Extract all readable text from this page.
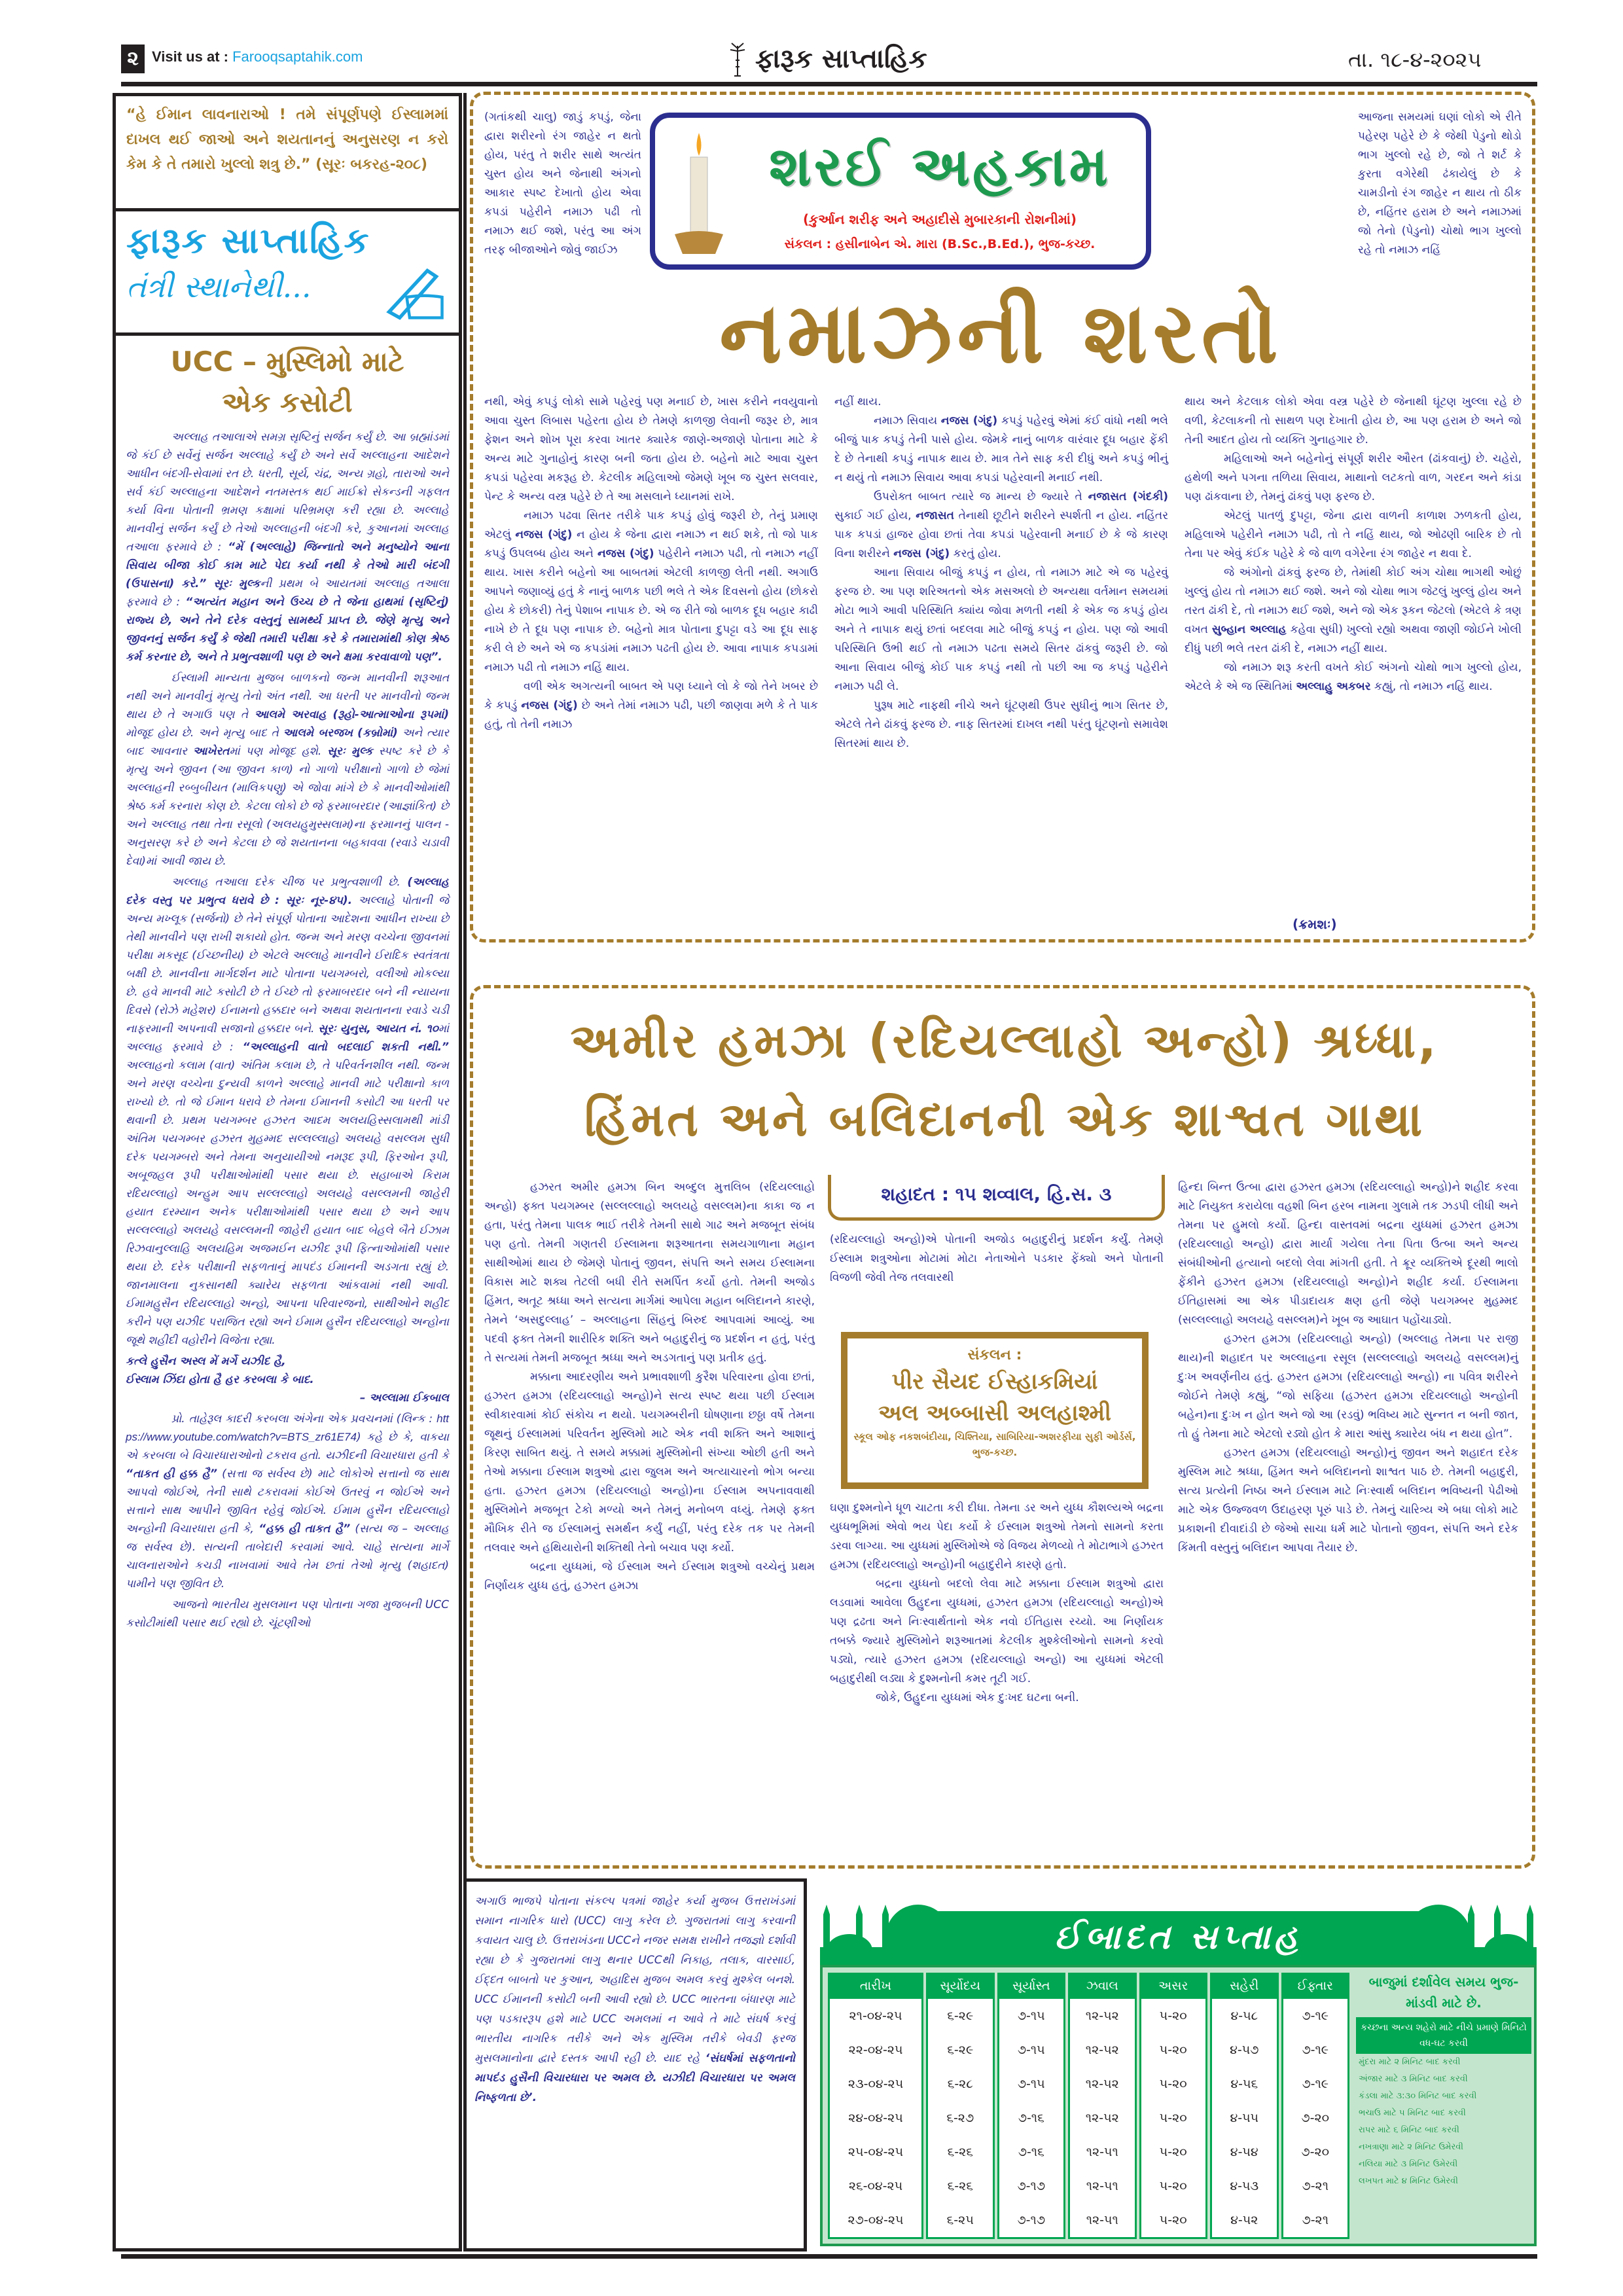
૨ Visit us at : Farooqsaptahik.com	ફારૂક સાપ્તાહિક	તા. ૧૮-૪-૨૦૨૫
“હે ઈમાન લાવનારાઓ ! તમે સંપૂર્ણપણે ઈસ્લામમાં દાખલ થઈ જાઓ અને શયતાનનું અનુસરણ ન કરો કેમ કે તે તમારો ખુલ્લો શત્રુ છે.” (સૂરઃ બકરહ-૨૦૮)
ફારૂક સાપ્તાહિક
તંત્રી સ્થાનેથી...
UCC – મુસ્લિમો માટે
એક કસોટી
અલ્લાહ તઆલાએ સમગ્ર સૃષ્ટિનું સર્જન કર્યું છે. આ બ્રહ્માંડમાં જે કંઈ છે સર્વેનું સર્જન અલ્લાહે કર્યું છે અને સર્વે અલ્લાહના આદેશને આધીન બંદગી-સેવામાં રત છે. ધરતી, સૂર્ય, ચંદ્ર, અન્ય ગ્રહો, તારાઓ અને સર્વ કંઈ અલ્લાહના આદેશને નતમસ્તક થઈ માઈક્રો સેકન્ડની ગફલત કર્યા વિના પોતાની ભ્રમણ કક્ષામાં પરિભ્રમણ કરી રહ્યા છે. અલ્લાહે માનવીનું સર્જન કર્યું છે તેઓ અલ્લાહની બંદગી કરે, કુઆનમાં અલ્લાહ તઆલા ફરમાવે છે : “મેં (અલ્લાહે) જિન્નાતો અને મનુષ્યોને આના સિવાય બીજા કોઈ કામ માટે પેદા કર્યા નથી કે તેઓ મારી બંદગી (ઉપાસના) કરે.” સૂરઃ મુલ્કની પ્રથમ બે આયતમાં અલ્લાહ તઆલા ફરમાવે છે : “અત્યંત મહાન અને ઉચ્ચ છે તે જેના હાથમાં (સૃષ્ટિનું) રાજ્ય છે, અને તેને દરેક વસ્તુનું સામર્થ્ય પ્રાપ્ત છે. જેણે મૃત્યુ અને જીવનનું સર્જન કર્યું કે જેથી તમારી પરીક્ષા કરે કે તમારામાંથી કોણ શ્રેષ્ઠ કર્મ કરનાર છે, અને તે પ્રભુત્વશાળી પણ છે અને ક્ષમા કરવાવાળો પણ”.
ઈસ્લામી માન્યતા મુજબ બાળકનો જન્મ માનવીની શરૂઆત નથી અને માનવીનું મૃત્યુ તેનો અંત નથી. આ ધરતી પર માનવીનો જન્મ થાય છે તે અગાઉ પણ તે આલમે અરવાહ (રૂહો-આત્માઓના રૂપમાં) મોજૂદ હોય છે. અને મૃત્યુ બાદ તે આલમે બરજખ (કબ્રોમાં) અને ત્યાર બાદ આવનાર આખેરતમાં પણ મોજૂદ હશે. સૂરઃ મુલ્ક સ્પષ્ટ કરે છે કે મૃત્યુ અને જીવન (આ જીવન કાળ) નો ગાળો પરીક્ષાનો ગાળો છે જેમાં અલ્લાહની રબ્બુબીયત (માલિકપણુ) એ જોવા માંગે છે કે માનવીઓમાંથી શ્રેષ્ઠ કર્મ કરનારા કોણ છે. કેટલા લોકો છે જે ફરમાબરદાર (આજ્ઞાંકિત) છે અને અલ્લાહ તથા તેના રસૂલો (અલયહુમુસ્સલામ)ના ફરમાનનું પાલન - અનુસરણ કરે છે અને કેટલા છે જે શયતાનના બહકાવવા (રવાડે ચડાવી દેવા)માં આવી જાય છે.
અલ્લાહ તઆલા દરેક ચીજ પર પ્રભુત્વશાળી છે. (અલ્લાહ દરેક વસ્તુ પર પ્રભુત્વ ધરાવે છે : સૂરઃ નૂર-૪૫). અલ્લાહે પોતાની જે અન્ય મખ્લૂક (સર્જનો) છે તેને સંપૂર્ણ પોતાના આદેશના આધીન રાખ્યા છે તેથી માનવીને પણ રાખી શકાયો હોત. જન્મ અને મરણ વચ્ચેના જીવનમાં પરીક્ષા મકસૂદ (ઈચ્છનીય) છે એટલે અલ્લાહે માનવીને ઈરાદિક સ્વતંત્રતા બક્ષી છે. માનવીના માર્ગદર્શન માટે પોતાના પયગમ્બરો, વલીઓ મોકલ્યા છે. હવે માનવી માટે કસોટી છે તે ઈચ્છે તો ફરમાબરદાર બને ની ન્યાયના દિવસે (રોઝે મહેશર) ઈનામનો હક્કદાર બને અથવા શયતાનના રવાડે ચડી નાફરમાની અપનાવી સજાનો હક્કદાર બને. સૂરઃ યુનુસ, આયત નં. ૧૦માં અલ્લાહ ફરમાવે છે : “અલ્લાહની વાતો બદલાઈ શકતી નથી.” અલ્લાહનો કલામ (વાત) અંતિમ કલામ છે, તે પરિવર્તનશીલ નથી. જન્મ અને મરણ વચ્ચેના દુન્યવી કાળને અલ્લાહે માનવી માટે પરીક્ષાનો કાળ રાખ્યો છે. તો જે ઈમાન ધરાવે છે તેમના ઈમાનની કસોટી આ ધરતી પર થવાની છે. પ્રથમ પયગમ્બર હઝરત આદમ અલયહિસ્સલામથી માંડી અંતિમ પયગમ્બર હઝરત મુહમ્મદ સલ્લલ્લાહો અલયહે વસલ્લમ સુધી દરેક પયગમ્બરો અને તેમના અનુયાયીઓ નમરૂદ રૂપી, ફિરઓન રૂપી, અબૂજહલ રૂપી પરીક્ષાઓમાંથી પસાર થયા છે. સહાબાએ કિરામ રદિયલ્લાહો અન્હુમ આપ સલ્લલ્લાહો અલયહે વસલ્લમની જાહેરી હયાત દરમ્યાન અનેક પરીક્ષાઓમાંથી પસાર થયા છે અને આપ સલ્લલ્લાહો અલયહે વસલ્લમની જાહેરી હયાત બાદ બેહલે બૈતે ઈઝામ રિઝવાનુલ્લાહિ અલયહિમ અજમઈન યઝીદ રૂપી ફિત્નાઓમાંથી પસાર થયા છે. દરેક પરીક્ષાની સફળતાનું માપદંડ ઈમાનની અડગતા રહ્યું છે. જાનમાલના નુકસાનથી ક્યારેય સફળતા આંકવામાં નથી આવી. ઈમામહુસૈન રદિયલ્લાહો અન્હો, આપના પરિવારજનો, સાથીઓને શહીદ કરીને પણ યઝીદ પરાજિત રહ્યો અને ઈમામ હુસૈન રદિયલ્લાહો અન્હોના જૂથે શહીદી વહોરીને વિજેતા રહ્યા.
કત્લે હુસૈન અસ્લ મેં મર્ગે યઝીદ હૈ,
ઈસ્લામ ઝિંદા હોતા હૈ હર કરબલા કે બાદ.
– અલ્લામા ઈકબાલ
પ્રો. તાહેરૂલ કાદરી કરબલા અંગેના એક પ્રવચનમાં (લિન્ક : https://www.youtube.com/watch?v=BTS_zr61E74) કહે છે કે, વાકયા એ કરબલા બે વિચારધારાઓનો ટકરાવ હતો. યઝીદની વિચારધારા હતી કે “તાકત હી હક્ક હૈ” (સત્તા જ સર્વસ્વ છે) માટે લોકોએ સત્તાનો જ સાથ આપવો જોઈએ, તેની સાથે ટકરાવમાં કોઈએ ઉતરવું ન જોઈએ અને સત્તાને સાથ આપીને જીવિત રહેવું જોઈએ. ઈમામ હુસૈન રદિયલ્લાહો અન્હોની વિચારધારા હતી કે, “હક્ક હી તાકત હૈ” (સત્ય જ – અલ્લાહ જ સર્વસ્વ છે). સત્યની તાબેદારી કરવામાં આવે. ચાહે સત્યના માર્ગે ચાલનારાઓને કચડી નાખવામાં આવે તેમ છતાં તેઓ મૃત્યુ (શહાદત) પામીને પણ જીવિત છે.
આજનો ભારતીય મુસલમાન પણ પોતાના ગજા મુજબની UCC કસોટીમાંથી પસાર થઈ રહ્યો છે. ચૂંટણીઓ
શરઈ અહકામ
(કુર્આન શરીફ અને અહાદીસે મુબારકાની રોશનીમાં)
સંકલન : હસીનાબેન એ. મારા (B.Sc.,B.Ed.), ભુજ-કચ્છ.
નમાઝની શરતો
(ગતાંકથી ચાલુ) જાડું કપડું, જેના દ્વારા શરીરનો રંગ જાહેર ન થતો હોય, પરંતુ તે શરીર સાથે અત્યંત ચુસ્ત હોય અને જેનાથી અંગનો આકાર સ્પષ્ટ દેખાતો હોય એવા કપડાં પહેરીને નમાઝ પઢી તો નમાઝ થઈ જશે, પરંતુ આ અંગ તરફ બીજાઓને જોવું જાઈઝ
આજના સમયમાં ઘણાં લોકો એ રીતે પહેરણ પહેરે છે કે જેથી પેડુનો થોડો ભાગ ખુલ્લો રહે છે, જો તે શર્ટ કે કુરતા વગેરેથી ઢંકાયેલું છે કે ચામડીનો રંગ જાહેર ન થાય તો ઠીક છે, નહિંતર હરામ છે અને નમાઝમાં જો તેનો (પેડુનો) ચોથો ભાગ ખુલ્લો રહે તો નમાઝ નહિં

નથી, એવું કપડું લોકો સામે પહેરવું પણ મનાઈ છે, ખાસ કરીને નવયુવાનો આવા ચુસ્ત લિબાસ પહેરતા હોય છે તેમણે કાળજી લેવાની જરૂર છે, માત્ર ફેશન અને શોખ પૂરા કરવા ખાતર ક્યારેક જાણે-અજાણે પોતાના માટે કે અન્ય માટે ગુનાહોનું કારણ બની જતા હોય છે. બહેનો માટે આવા ચુસ્ત કપડાં પહેરવા મકરૂહ છે. કેટલીક મહિલાઓ જેમણે ખૂબ જ ચુસ્ત સલવાર, પેન્ટ કે અન્ય વસ્ત્ર પહેરે છે તે આ મસલાને ધ્યાનમાં રાખે.

નમાઝ પઢવા સિતર તરીકે પાક કપડું હોવું જરૂરી છે, તેનું પ્રમાણ એટલું નજસ (ગંદુ) ન હોય કે જેના દ્વારા નમાઝ ન થઈ શકે, તો જો પાક કપડું ઉપલબ્ધ હોય અને નજસ (ગંદુ) પહેરીને નમાઝ પઢી, તો નમાઝ નહીં થાય. ખાસ કરીને બહેનો આ બાબતમાં એટલી કાળજી લેતી નથી. અગાઉ આપને જણાવ્યું હતું કે નાનું બાળક પછી ભલે તે એક દિવસનો હોય (છોકરો હોય કે છોકરી) તેનું પેશાબ નાપાક છે. એ જ રીતે જો બાળક દૂધ બહાર કાઢી નાખે છે તે દૂધ પણ નાપાક છે. બહેનો માત્ર પોતાના દુપટ્ટા વડે આ દૂધ સાફ કરી લે છે અને એ જ કપડાંમાં નમાઝ પઢતી હોય છે. આવા નાપાક કપડામાં નમાઝ પઢી તો નમાઝ નહિં થાય.

વળી એક અગત્યની બાબત એ પણ ધ્યાને લો કે જો તેને ખબર છે કે કપડું નજસ (ગંદુ) છે અને તેમાં નમાઝ પઢી, પછી જાણવા મળે કે તે પાક હતું, તો તેની નમાઝ

નહીં થાય.

નમાઝ સિવાય નજસ (ગંદુ) કપડું પહેરવું એમાં કંઈ વાંધો નથી ભલે બીજું પાક કપડું તેની પાસે હોય. જેમકે નાનું બાળક વારંવાર દૂધ બહાર ફેંકી દે છે તેનાથી કપડું નાપાક થાય છે. માત્ર તેને સાફ કરી દીધું અને કપડું ભીનું ન થયું તો નમાઝ સિવાય આવા કપડાં પહેરવાની મનાઈ નથી.

ઉપરોક્ત બાબત ત્યારે જ માન્ય છે જ્યારે તે નજાસત (ગંદકી) સુકાઈ ગઈ હોય, નજાસત તેનાથી છૂટીને શરીરને સ્પર્શતી ન હોય. નહિંતર પાક કપડાં હાજર હોવા છતાં તેવા કપડાં પહેરવાની મનાઈ છે કે જે કારણ વિના શરીરને નજસ (ગંદુ) કરતું હોય.

આના સિવાય બીજું કપડું ન હોય, તો નમાઝ માટે એ જ પહેરવું ફરજ છે. આ પણ શરિઅતનો એક મસઅલો છે અન્યથા વર્તમાન સમયમાં મોટા ભાગે આવી પરિસ્થિતિ ક્યાંય જોવા મળતી નથી કે એક જ કપડું હોય અને તે નાપાક થયું છતાં બદલવા માટે બીજું કપડું ન હોય. પણ જો આવી પરિસ્થિતિ ઉભી થઈ તો નમાઝ પઢતા સમયે સિતર ઢાંકવું જરૂરી છે. જો આના સિવાય બીજું કોઈ પાક કપડું નથી તો પછી આ જ કપડું પહેરીને નમાઝ પઢી લે.

પુરૂષ માટે નાફથી નીચે અને ઘૂંટણથી ઉપર સુધીનું ભાગ સિતર છે, એટલે તેને ઢાંકવું ફરજ છે. નાફ સિતરમાં દાખલ નથી પરંતુ ઘૂંટણનો સમાવેશ સિતરમાં થાય છે.

થાય અને કેટલાક લોકો એવા વસ્ત્ર પહેરે છે જેનાથી ઘૂંટણ ખુલ્લા રહે છે વળી, કેટલાકની તો સાથળ પણ દેખાતી હોય છે, આ પણ હરામ છે અને જો તેની આદત હોય તો વ્યક્તિ ગુનાહગાર છે.

મહિલાઓ અને બહેનોનું સંપૂર્ણ શરીર ઔરત (ઢાંકવાનું) છે. ચહેરો, હથેળી અને પગના તળિયા સિવાય, માથાનો લટકતો વાળ, ગરદન અને કાંડા પણ ઢાંકવાના છે, તેમનું ઢાંકવું પણ ફરજ છે.

એટલું પાતળું દુપટ્ટા, જેના દ્વારા વાળની કાળાશ ઝળકતી હોય, મહિલાએ પહેરીને નમાઝ પઢી, તો તે નહિં થાય, જો ઓઢણી બારિક છે તો તેના પર એવું કંઈક પહેરે કે જે વાળ વગેરેના રંગ જાહેર ન થવા દે.

જે અંગોનો ઢાંકવું ફરજ છે, તેમાંથી કોઈ અંગ ચોથા ભાગથી ઓછું ખુલ્લું હોય તો નમાઝ થઈ જશે. અને જો ચોથા ભાગ જેટલું ખુલ્લું હોય અને તરત ઢાંકી દે, તો નમાઝ થઈ જશે, અને જો એક રૂકન જેટલો (એટલે કે ત્રણ વખત સુબ્હાન અલ્લાહ કહેવા સુધી) ખુલ્લો રહ્યો અથવા જાણી જોઈને ખોલી દીધું પછી ભલે તરત ઢાંકી દે, નમાઝ નહીં થાય.

જો નમાઝ શરૂ કરતી વખતે કોઈ અંગનો ચોથો ભાગ ખુલ્લો હોય, એટલે કે એ જ સ્થિતિમાં અલ્લાહુ અકબર કહ્યું, તો નમાઝ નહિં થાય.

(ક્રમશઃ)
અમીર હમઝા (રદિયલ્લાહો અન્હો) શ્રધ્ધા,
હિંમત અને બલિદાનની એક શાશ્વત ગાથા

હઝરત અમીર હમઝા બિન અબ્દુલ મુત્તલિબ (રદિયલ્લાહો અન્હો) ફક્ત પયગમ્બર (સલ્લલ્લાહો અલયહે વસલ્લમ)ના કાકા જ ન હતા, પરંતુ તેમના પાલક ભાઈ તરીકે તેમની સાથે ગાઢ અને મજબૂત સંબંધ પણ હતો. તેમની ગણતરી ઈસ્લામના શરૂઆતના સમયગાળાના મહાન સાથીઓમાં થાય છે જેમણે પોતાનું જીવન, સંપત્તિ અને સમય ઈસ્લામના વિકાસ માટે શક્ય તેટલી બધી રીતે સમર્પિત કર્યો હતો. તેમની અજોડ હિંમત, અતૂટ શ્રધ્ધા અને સત્યના માર્ગમાં આપેલા મહાન બલિદાનને કારણે, તેમને ‘અસદુલ્લાહ’ – અલ્લાહના સિંહનું બિરુદ આપવામાં આવ્યું. આ પદવી ફક્ત તેમની શારીરિક શક્તિ અને બહાદુરીનું જ પ્રદર્શન ન હતું, પરંતુ તે સત્યમાં તેમની મજબૂત શ્રધ્ધા અને અડગતાનું પણ પ્રતીક હતું.

મક્કાના આદરણીય અને પ્રભાવશાળી કુરૈશ પરિવારના હોવા છતાં, હઝરત હમઝા (રદિયલ્લાહો અન્હો)ને સત્ય સ્પષ્ટ થયા પછી ઈસ્લામ સ્વીકારવામાં કોઈ સંકોચ ન થયો. પયગમ્બરીની ઘોષણાના છઠ્ઠા વર્ષે તેમના જૂથનું ઈસ્લામમાં પરિવર્તન મુસ્લિમો માટે એક નવી શક્તિ અને આશાનું કિરણ સાબિત થયું. તે સમયે મક્કામાં મુસ્લિમોની સંખ્યા ઓછી હતી અને તેઓ મક્કાના ઈસ્લામ શત્રુઓ દ્વારા જુલમ અને અત્યાચારનો ભોગ બન્યા હતા. હઝરત હમઝા (રદિયલ્લાહો અન્હો)ના ઈસ્લામ અપનાવવાથી મુસ્લિમોને મજબૂત ટેકો મળ્યો અને તેમનું મનોબળ વધ્યું. તેમણે ફક્ત મૌખિક રીતે જ ઈસ્લામનું સમર્થન કર્યું નહીં, પરંતુ દરેક તક પર તેમની તલવાર અને હથિયારોની શક્તિથી તેનો બચાવ પણ કર્યો.

બદ્રના યુધ્ધમાં, જે ઈસ્લામ અને ઈસ્લામ શત્રુઓ વચ્ચેનું પ્રથમ નિર્ણાયક યુધ્ધ હતું, હઝરત હમઝા

શહાદત : ૧૫ શવ્વાલ, હિ.સ. ૩
(રદિયલ્લાહો અન્હો)એ પોતાની અજોડ બહાદુરીનું પ્રદર્શન કર્યું. તેમણે ઈસ્લામ શત્રુઓના મોટામાં મોટા નેતાઓને પડકાર ફેંક્યો અને પોતાની વિજળી જેવી તેજ તલવારથી
સંકલન :
પીર સૈયદ ઈસ્હાકમિયાં
અલ અબ્બાસી અલહાશ્મી
સ્કૂલ ઓફ નકશબંદીયા, ચિશ્તિયા, સાબિરિયા-અશરફીયા સુફી ઓર્ડર્સ, ભુજ-કચ્છ.

ઘણા દુશ્મનોને ધૂળ ચાટતા કરી દીધા. તેમના ડર અને યુધ્ધ કૌશલ્યએ બદ્રના યુધ્ધભૂમિમાં એવો ભય પેદા કર્યો કે ઈસ્લામ શત્રુઓ તેમનો સામનો કરતા ડરવા લાગ્યા. આ યુધ્ધમાં મુસ્લિમોએ જે વિજય મેળવ્યો તે મોટાભાગે હઝરત હમઝા (રદિયલ્લાહો અન્હો)ની બહાદુરીને કારણે હતો.

બદ્રના યુધ્ધનો બદલો લેવા માટે મક્કાના ઈસ્લામ શત્રુઓ દ્વારા લડવામાં આવેલા ઉહુદના યુધ્ધમાં, હઝરત હમઝા (રદિયલ્લાહો અન્હો)એ પણ દ્રઢતા અને નિઃસ્વાર્થતાનો એક નવો ઈતિહાસ રચ્યો. આ નિર્ણાયક તબક્કે જ્યારે મુસ્લિમોને શરૂઆતમાં કેટલીક મુશ્કેલીઓનો સામનો કરવો પડ્યો, ત્યારે હઝરત હમઝા (રદિયલ્લાહો અન્હો) આ યુધ્ધમાં એટલી બહાદુરીથી લડ્યા કે દુશ્મનોની કમર તૂટી ગઈ.

જોકે, ઉહુદના યુધ્ધમાં એક દુઃખદ ઘટના બની.

હિન્દા બિન્ત ઉત્બા દ્વારા હઝરત હમઝા (રદિયલ્લાહો અન્હો)ને શહીદ કરવા માટે નિયુક્ત કરાયેલા વહશી બિન હરબ નામના ગુલામે તક ઝડપી લીધી અને તેમના પર હુમલો કર્યો. હિન્દા વાસ્તવમાં બદ્રના યુધ્ધમાં હઝરત હમઝા (રદિયલ્લાહો અન્હો) દ્વારા માર્યા ગયેલા તેના પિતા ઉત્બા અને અન્ય સંબંધીઓની હત્યાનો બદલો લેવા માંગતી હતી. તે ક્રૂર વ્યક્તિએ દૂરથી ભાલો ફેંકીને હઝરત હમઝા (રદિયલ્લાહો અન્હો)ને શહીદ કર્યા. ઈસ્લામના ઈતિહાસમાં આ એક પીડાદાયક ક્ષણ હતી જેણે પયગમ્બર મુહમ્મદ (સલ્લલ્લાહો અલયહે વસલ્લમ)ને ખૂબ જ આઘાત પહોંચાડ્યો.

હઝરત હમઝા (રદિયલ્લાહો અન્હો) (અલ્લાહ તેમના પર રાજી થાય)ની શહાદત પર અલ્લાહના રસૂલ (સલ્લલ્લાહો અલયહે વસલ્લમ)નું દુઃખ અવર્ણનીય હતું. હઝરત હમઝા (રદિયલ્લાહો અન્હો) ના પવિત્ર શરીરને જોઈને તેમણે કહ્યું, “જો સફિયા (હઝરત હમઝા રદિયલ્લાહો અન્હોની બહેન)ના દુઃખ ન હોત અને જો આ (રડવું) ભવિષ્ય માટે સુન્નત ન બની જાત, તો હું તેમના માટે એટલો રડ્યો હોત કે મારા આંસુ ક્યારેય બંધ ન થયા હોત”.

હઝરત હમઝા (રદિયલ્લાહો અન્હો)નું જીવન અને શહાદત દરેક મુસ્લિમ માટે શ્રધ્ધા, હિંમત અને બલિદાનનો શાશ્વત પાઠ છે. તેમની બહાદુરી, સત્ય પ્રત્યેની નિષ્ઠા અને ઈસ્લામ માટે નિઃસ્વાર્થ બલિદાન ભવિષ્યની પેઢીઓ માટે એક ઉજ્જવળ ઉદાહરણ પૂરું પાડે છે. તેમનું ચારિત્ર્ય એ બધા લોકો માટે પ્રકાશની દીવાદાંડી છે જેઓ સાચા ધર્મ માટે પોતાનો જીવન, સંપત્તિ અને દરેક કિંમતી વસ્તુનું બલિદાન આપવા તૈયાર છે.

અગાઉ ભાજપે પોતાના સંકલ્પ પત્રમાં જાહેર કર્યા મુજબ ઉત્તરાખંડમાં સમાન નાગરિક ધારો (UCC) લાગુ કરેલ છે. ગુજરાતમાં લાગુ કરવાની કવાયત ચાલુ છે. ઉત્તરાખંડના UCCને નજર સમક્ષ રાખીને તજજ્ઞો દર્શાવી રહ્યા છે કે ગુજરાતમાં લાગુ થનાર UCCથી નિકાહ, તલાક, વારસાઈ, ઈદ્દત બાબતો પર કુઆન, અહાદિસ મુજબ અમલ કરવું મુશ્કેલ બનશે. UCC ઈમાનની કસોટી બની આવી રહ્યો છે. UCC ભારતના બંધારણ માટે પણ પડકારરૂપ હશે માટે UCC અમલમાં ન આવે તે માટે સંઘર્ષ કરવું ભારતીય નાગરિક તરીકે અને એક મુસ્લિમ તરીકે બેવડી ફરજ મુસલમાનોના દ્વારે દસ્તક આપી રહી છે. યાદ રહે ‘સંઘર્ષમાં સફળતાનો માપદંડ હુસૈની વિચારધારા પર અમલ છે. યઝીદી વિચારધારા પર અમલ નિષ્ફળતા છે’.
ઈબાદત સપ્તાહ
તારીખ	સૂર્યોદય	સૂર્યાસ્ત	ઝવાલ	અસર	સહેરી	ઈફ્તાર
૨૧-૦૪-૨૫	૬-૨૯	૭-૧૫	૧૨-૫૨	૫-૨૦	૪-૫૮	૭-૧૯
૨૨-૦૪-૨૫	૬-૨૯	૭-૧૫	૧૨-૫૨	૫-૨૦	૪-૫૭	૭-૧૯
૨૩-૦૪-૨૫	૬-૨૮	૭-૧૫	૧૨-૫૨	૫-૨૦	૪-૫૬	૭-૧૯
૨૪-૦૪-૨૫	૬-૨૭	૭-૧૬	૧૨-૫૨	૫-૨૦	૪-૫૫	૭-૨૦
૨૫-૦૪-૨૫	૬-૨૬	૭-૧૬	૧૨-૫૧	૫-૨૦	૪-૫૪	૭-૨૦
૨૬-૦૪-૨૫	૬-૨૬	૭-૧૭	૧૨-૫૧	૫-૨૦	૪-૫૩	૭-૨૧
૨૭-૦૪-૨૫	૬-૨૫	૭-૧૭	૧૨-૫૧	૫-૨૦	૪-૫૨	૭-૨૧
બાજુમાં દર્શાવેલ સમય ભુજ-માંડવી માટે છે.
કચ્છના અન્ય શહેરો માટે નીચે પ્રમાણે મિનિટો વધ-ઘટ કરવી
મુંદરા માટે ૨ મિનિટ બાદ કરવી
અંજાર માટે ૩ મિનિટ બાદ કરવી
કંડલા માટે ૩:૩૦ મિનિટ બાદ કરવી
ભચાઉ માટે ૫ મિનિટ બાદ કરવી
રાપર માટે ૬ મિનિટ બાદ કરવી
નખત્રાણા માટે ૨ મિનિટ ઉમેરવી
નલિયા માટે ૩ મિનિટ ઉમેરવી
લખપત માટે ૪ મિનિટ ઉમેરવી
